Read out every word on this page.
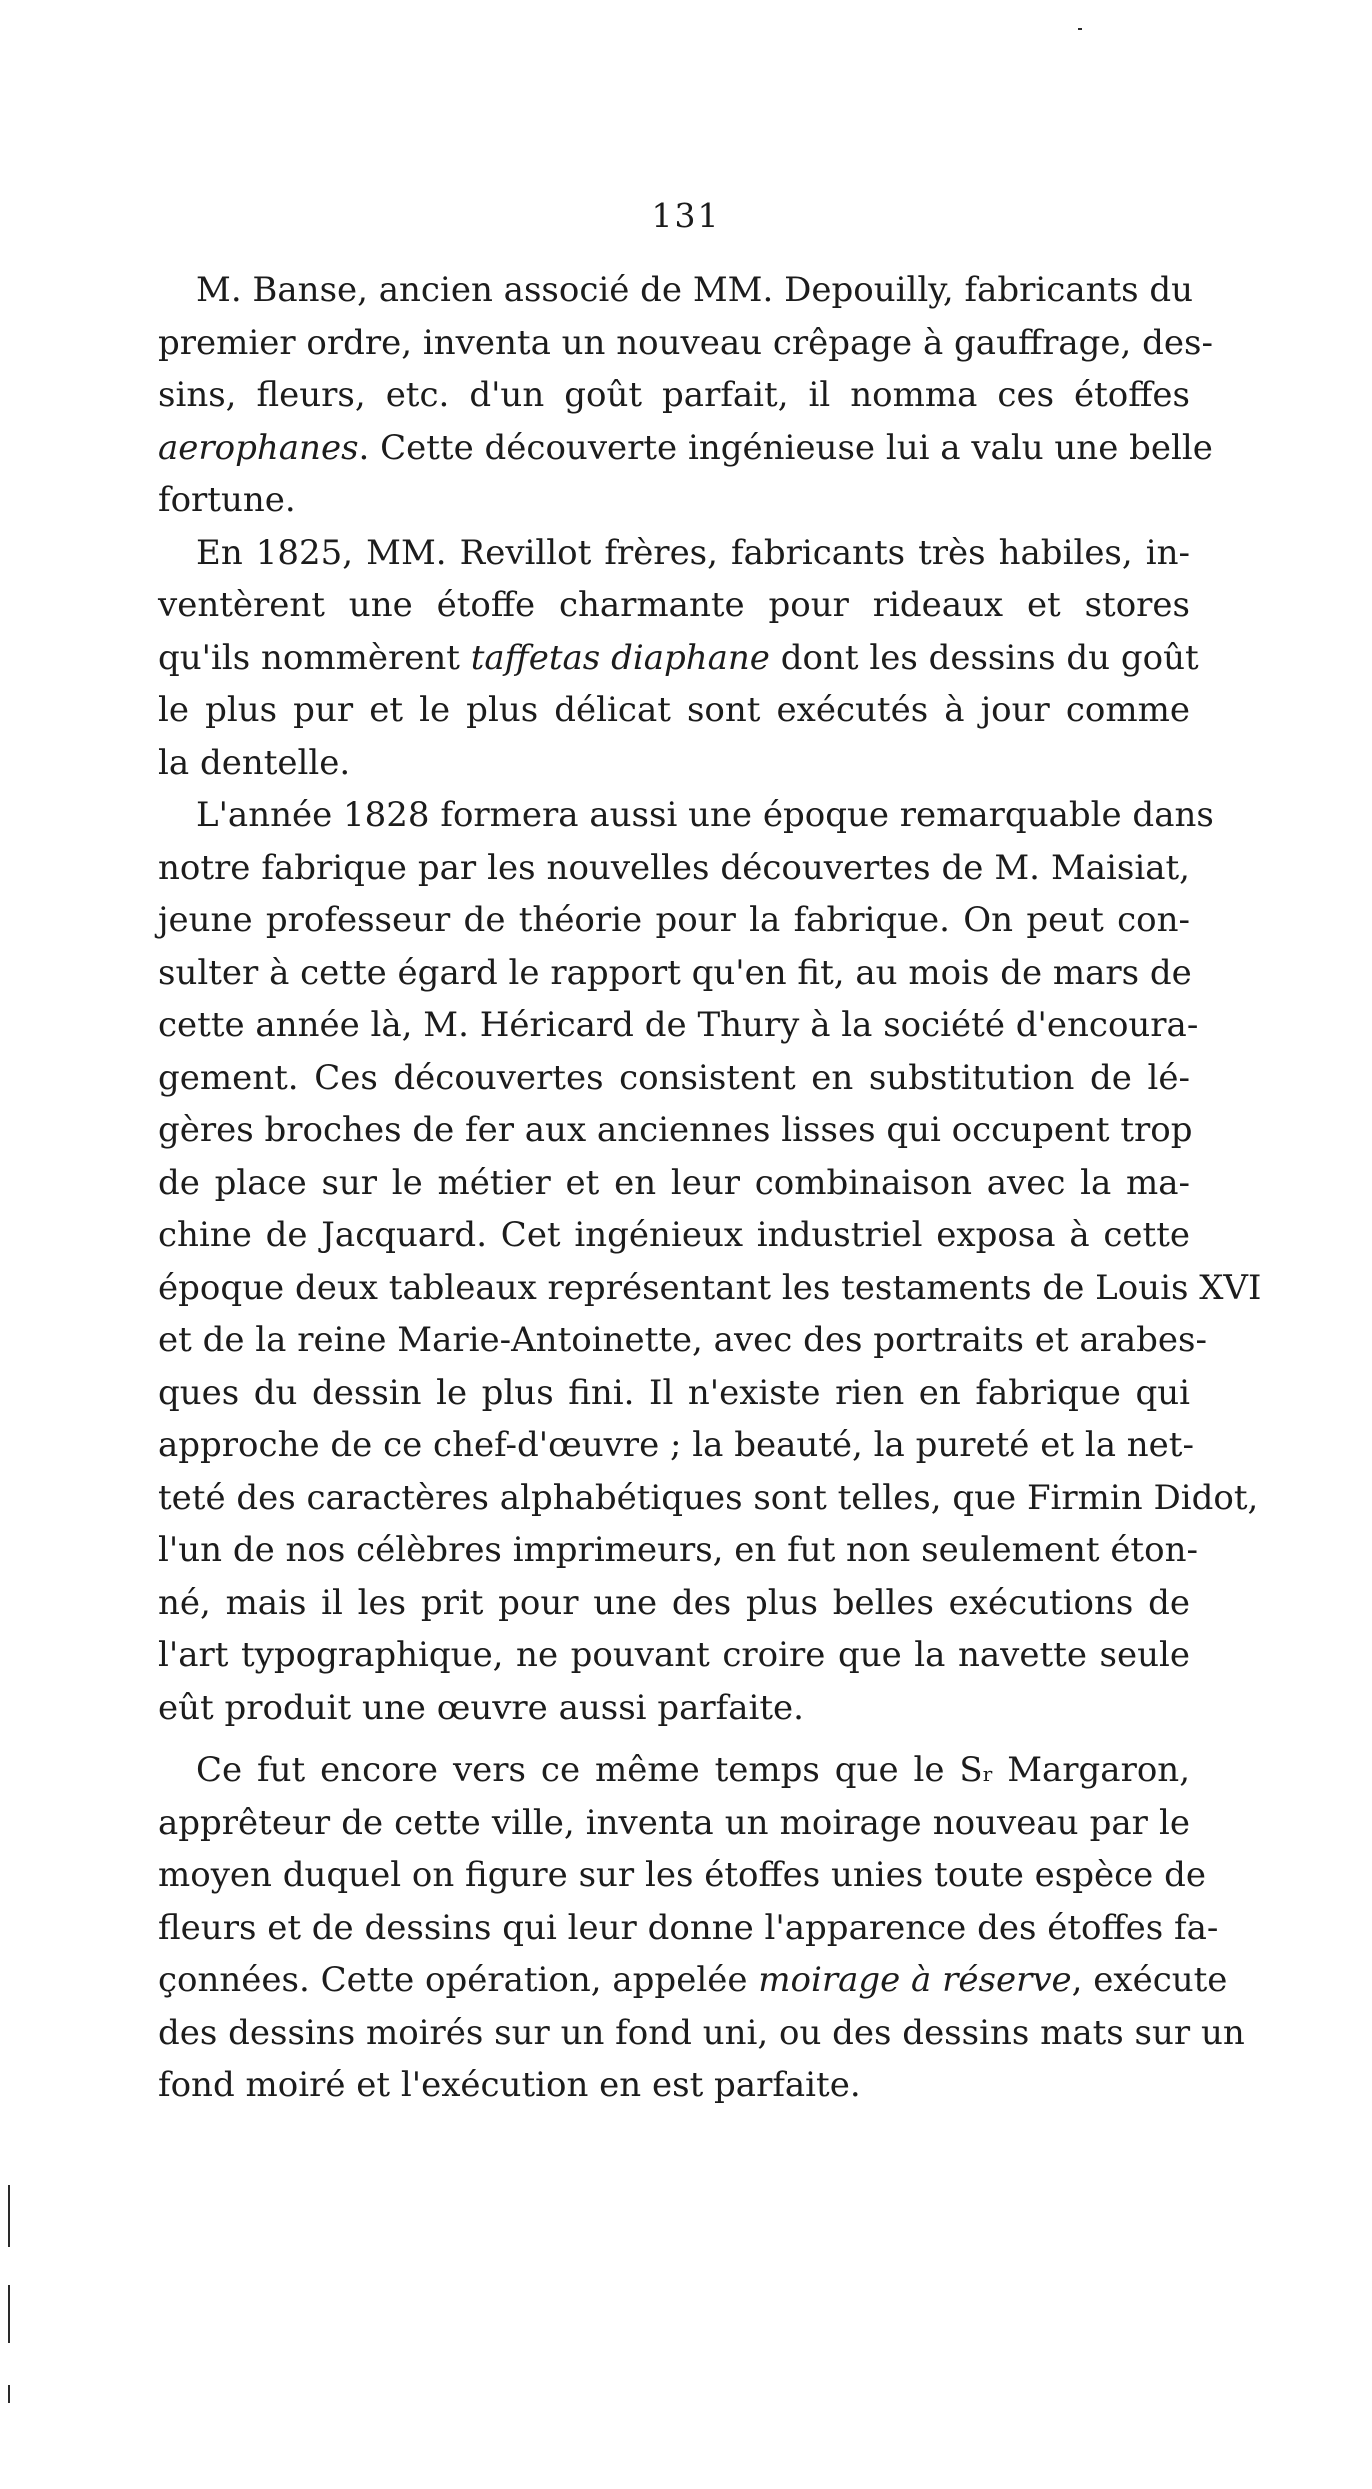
131
M. Banse, ancien associé de MM. Depouilly, fabricants du
premier ordre, inventa un nouveau crêpage à gauffrage, des-
sins, fleurs, etc. d'un goût parfait, il nomma ces étoffes
aerophanes. Cette découverte ingénieuse lui a valu une belle
fortune.
En 1825, MM. Revillot frères, fabricants très habiles, in-
ventèrent une étoffe charmante pour rideaux et stores
qu'ils nommèrent taffetas diaphane dont les dessins du goût
le plus pur et le plus délicat sont exécutés à jour comme
la dentelle.
L'année 1828 formera aussi une époque remarquable dans
notre fabrique par les nouvelles découvertes de M. Maisiat,
jeune professeur de théorie pour la fabrique. On peut con-
sulter à cette égard le rapport qu'en fit, au mois de mars de
cette année là, M. Héricard de Thury à la société d'encoura-
gement. Ces découvertes consistent en substitution de lé-
gères broches de fer aux anciennes lisses qui occupent trop
de place sur le métier et en leur combinaison avec la ma-
chine de Jacquard. Cet ingénieux industriel exposa à cette
époque deux tableaux représentant les testaments de Louis XVI
et de la reine Marie-Antoinette, avec des portraits et arabes-
ques du dessin le plus fini. Il n'existe rien en fabrique qui
approche de ce chef-d'œuvre ; la beauté, la pureté et la net-
teté des caractères alphabétiques sont telles, que Firmin Didot,
l'un de nos célèbres imprimeurs, en fut non seulement éton-
né, mais il les prit pour une des plus belles exécutions de
l'art typographique, ne pouvant croire que la navette seule
eût produit une œuvre aussi parfaite.
Ce fut encore vers ce même temps que le $S^r$ Margaron,
apprêteur de cette ville, inventa un moirage nouveau par le
moyen duquel on figure sur les étoffes unies toute espèce de
fleurs et de dessins qui leur donne l'apparence des étoffes fa-
çonnées. Cette opération, appelée moirage à réserve, exécute
des dessins moirés sur un fond uni, ou des dessins mats sur un
fond moiré et l'exécution en est parfaite.
